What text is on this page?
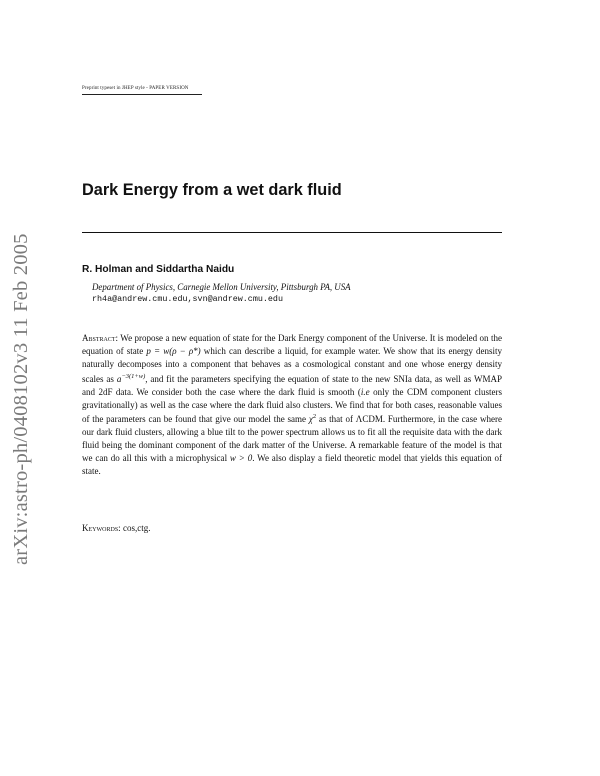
Preprint typeset in JHEP style - PAPER VERSION
arXiv:astro-ph/0408102v3 11 Feb 2005
Dark Energy from a wet dark fluid
R. Holman and Siddartha Naidu
Department of Physics, Carnegie Mellon University, Pittsburgh PA, USA
rh4a@andrew.cmu.edu,svn@andrew.cmu.edu
Abstract: We propose a new equation of state for the Dark Energy component of the Universe. It is modeled on the equation of state p = w(ρ − ρ*) which can describe a liquid, for example water. We show that its energy density naturally decomposes into a component that behaves as a cosmological constant and one whose energy density scales as $a^{-3(1+w)}$, and fit the parameters specifying the equation of state to the new SNIa data, as well as WMAP and 2dF data. We consider both the case where the dark fluid is smooth (i.e only the CDM component clusters gravitationally) as well as the case where the dark fluid also clusters. We find that for both cases, reasonable values of the parameters can be found that give our model the same $\chi^2$ as that of ΛCDM. Furthermore, in the case where our dark fluid clusters, allowing a blue tilt to the power spectrum allows us to fit all the requisite data with the dark fluid being the dominant component of the dark matter of the Universe. A remarkable feature of the model is that we can do all this with a microphysical w > 0. We also display a field theoretic model that yields this equation of state.
Keywords: cos,ctg.
